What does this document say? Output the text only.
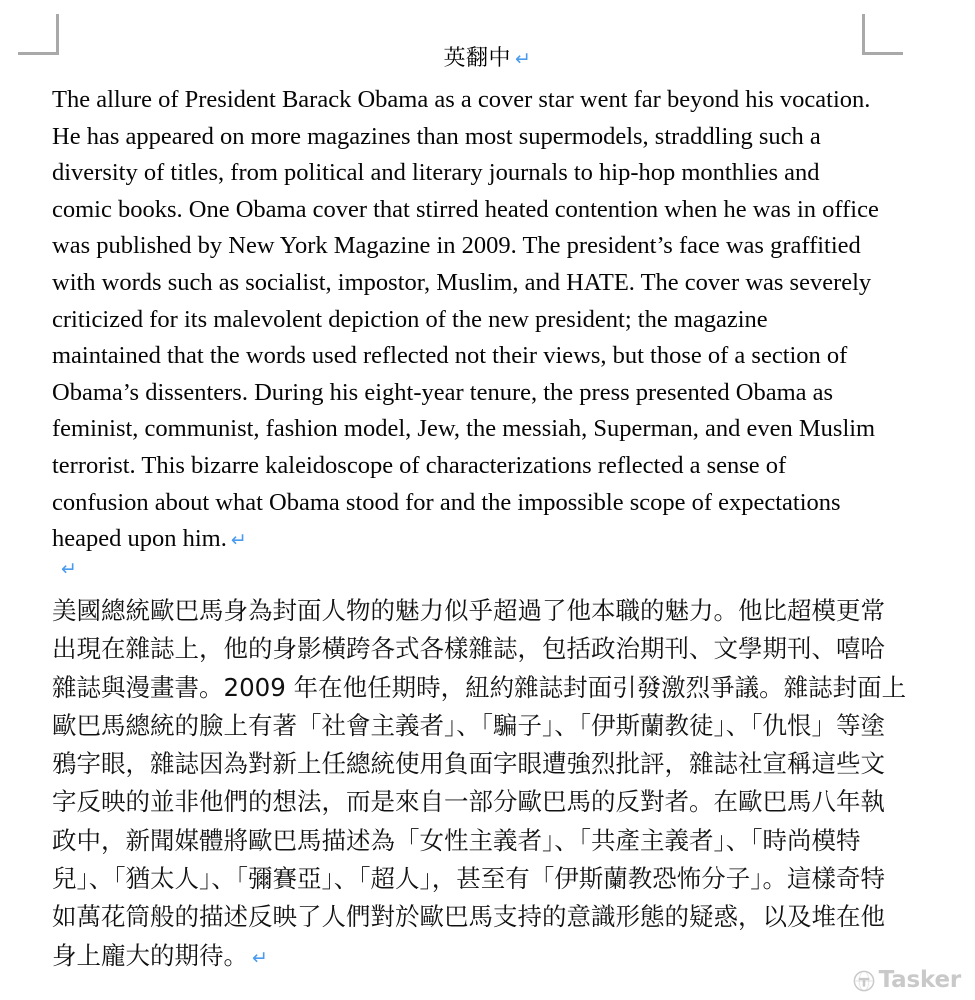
英翻中 ↵
The allure of President Barack Obama as a cover star went far beyond his vocation.
He has appeared on more magazines than most supermodels, straddling such a
diversity of titles, from political and literary journals to hip-hop monthlies and
comic books. One Obama cover that stirred heated contention when he was in office
was published by New York Magazine in 2009. The president’s face was graffitied
with words such as socialist, impostor, Muslim, and HATE. The cover was severely
criticized for its malevolent depiction of the new president; the magazine
maintained that the words used reflected not their views, but those of a section of
Obama’s dissenters. During his eight-year tenure, the press presented Obama as
feminist, communist, fashion model, Jew, the messiah, Superman, and even Muslim
terrorist. This bizarre kaleidoscope of characterizations reflected a sense of
confusion about what Obama stood for and the impossible scope of expectations
heaped upon him. ↵
↵
美國總統歐巴馬身為封面人物的魅力似乎超過了他本職的魅力。他比超模更常
出現在雜誌上，他的身影橫跨各式各樣雜誌，包括政治期刊、文學期刊、嘻哈
雜誌與漫畫書。2009 年在他任期時，紐約雜誌封面引發激烈爭議。雜誌封面上
歐巴馬總統的臉上有著「社會主義者」、「騙子」、「伊斯蘭教徒」、「仇恨」等塗
鴉字眼，雜誌因為對新上任總統使用負面字眼遭強烈批評，雜誌社宣稱這些文
字反映的並非他們的想法，而是來自一部分歐巴馬的反對者。在歐巴馬八年執
政中，新聞媒體將歐巴馬描述為「女性主義者」、「共產主義者」、「時尚模特
兒」、「猶太人」、「彌賽亞」、「超人」，甚至有「伊斯蘭教恐怖分子」。這樣奇特
如萬花筒般的描述反映了人們對於歐巴馬支持的意識形態的疑惑，以及堆在他
身上龐大的期待。 ↵
Tasker
